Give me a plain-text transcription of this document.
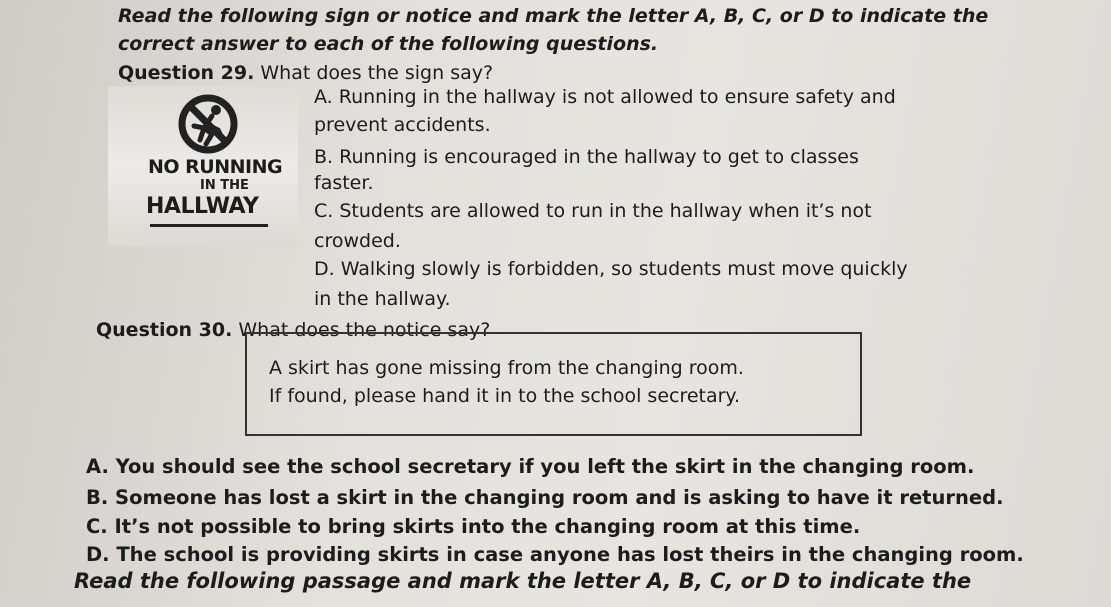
Read the following sign or notice and mark the letter A, B, C, or D to indicate the correct answer to each of the following questions.
Question 29. What does the sign say?
NO RUNNING
IN THE
HALLWAY
A. Running in the hallway is not allowed to ensure safety and
prevent accidents.
B. Running is encouraged in the hallway to get to classes
faster.
C. Students are allowed to run in the hallway when it’s not
crowded.
D. Walking slowly is forbidden, so students must move quickly
in the hallway.
Question 30. What does the notice say?
A skirt has gone missing from the changing room.
If found, please hand it in to the school secretary.
A. You should see the school secretary if you left the skirt in the changing room.
B. Someone has lost a skirt in the changing room and is asking to have it returned.
C. It’s not possible to bring skirts into the changing room at this time.
D. The school is providing skirts in case anyone has lost theirs in the changing room.
Read the following passage and mark the letter A, B, C, or D to indicate the
